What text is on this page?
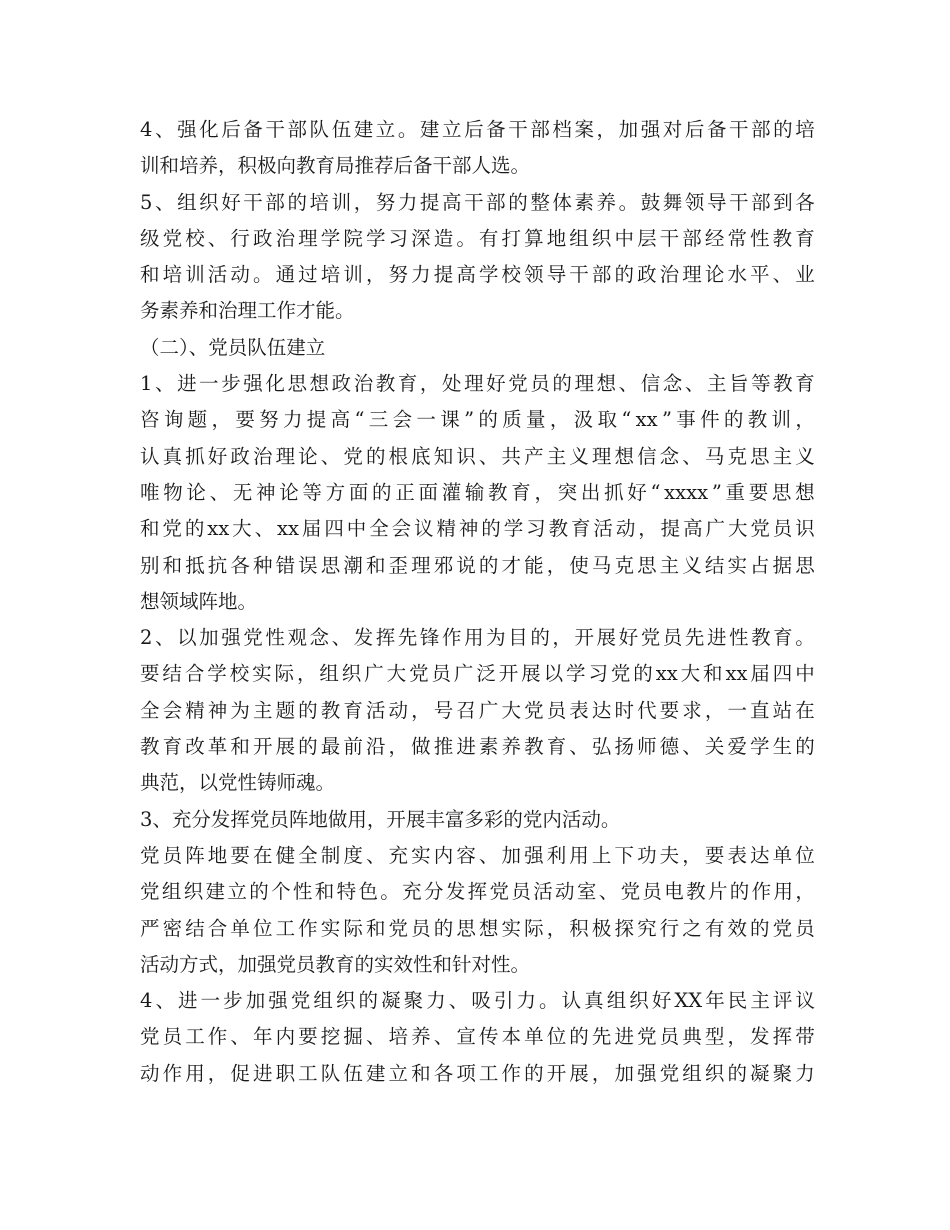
4 、 强 化 后 备 干 部 队 伍 建 立 。 建 立 后 备 干 部 档 案 ， 加 强 对 后 备 干 部 的 培
训和培养，积极向教育局推荐后备干部人选。
5 、 组 织 好 干 部 的 培 训 ， 努 力 提 高 干 部 的 整 体 素 养 。 鼓 舞 领 导 干 部 到 各
级 党 校 、 行 政 治 理 学 院 学 习 深 造 。 有 打 算 地 组 织 中 层 干 部 经 常 性 教 育
和 培 训 活 动 。 通 过 培 训 ， 努 力 提 高 学 校 领 导 干 部 的 政 治 理 论 水 平 、 业
务素养和治理工作才能。
（二）、党员队伍建立
1 、 进 一 步 强 化 思 想 政 治 教 育 ， 处 理 好 党 员 的 理 想 、 信 念 、 主 旨 等 教 育
咨 询 题 ， 要 努 力 提 高 “ 三 会 一 课 ” 的 质 量 ， 汲 取 “ xx ” 事 件 的 教 训 ，
认 真 抓 好 政 治 理 论 、 党 的 根 底 知 识 、 共 产 主 义 理 想 信 念 、 马 克 思 主 义
唯 物 论 、 无 神 论 等 方 面 的 正 面 灌 输 教 育 ， 突 出 抓 好 “ xxxx ” 重 要 思 想
和 党 的 xx 大 、 xx 届 四 中 全 会 议 精 神 的 学 习 教 育 活 动 ， 提 高 广 大 党 员 识
别 和 抵 抗 各 种 错 误 思 潮 和 歪 理 邪 说 的 才 能 ， 使 马 克 思 主 义 结 实 占 据 思
想领域阵地。
2 、 以 加 强 党 性 观 念 、 发 挥 先 锋 作 用 为 目 的 ， 开 展 好 党 员 先 进 性 教 育 。
要 结 合 学 校 实 际 ， 组 织 广 大 党 员 广 泛 开 展 以 学 习 党 的 xx 大 和 xx 届 四 中
全 会 精 神 为 主 题 的 教 育 活 动 ， 号 召 广 大 党 员 表 达 时 代 要 求 ， 一 直 站 在
教 育 改 革 和 开 展 的 最 前 沿 ， 做 推 进 素 养 教 育 、 弘 扬 师 德 、 关 爱 学 生 的
典范，以党性铸师魂。
3、充分发挥党员阵地做用，开展丰富多彩的党内活动。
党 员 阵 地 要 在 健 全 制 度 、 充 实 内 容 、 加 强 利 用 上 下 功 夫 ， 要 表 达 单 位
党 组 织 建 立 的 个 性 和 特 色 。 充 分 发 挥 党 员 活 动 室 、 党 员 电 教 片 的 作 用 ，
严 密 结 合 单 位 工 作 实 际 和 党 员 的 思 想 实 际 ， 积 极 探 究 行 之 有 效 的 党 员
活动方式，加强党员教育的实效性和针对性。
4 、 进 一 步 加 强 党 组 织 的 凝 聚 力 、 吸 引 力 。 认 真 组 织 好 XX 年 民 主 评 议
党 员 工 作 、 年 内 要 挖 掘 、 培 养 、 宣 传 本 单 位 的 先 进 党 员 典 型 ， 发 挥 带
动 作 用 ， 促 进 职 工 队 伍 建 立 和 各 项 工 作 的 开 展 ， 加 强 党 组 织 的 凝 聚 力
